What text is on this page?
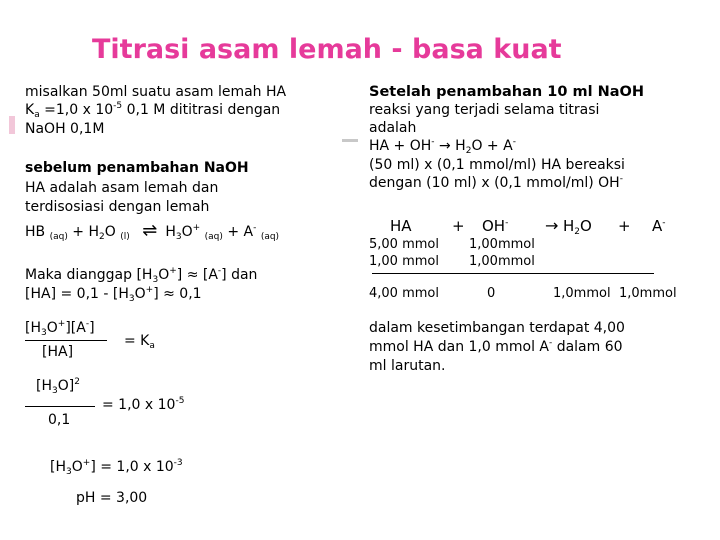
Titrasi asam lemah - basa kuat
misalkan 50ml suatu asam lemah HA
$K_a =1,0$ x $10^{-5}$ 0,1 M dititrasi dengan
NaOH 0,1M
sebelum penambahan NaOH
HA adalah asam lemah dan
terdisosiasi dengan lemah
HB $_{(aq)} + H_2O$ $_{(l)}$ ⇌ $H_3O^+$ $_{(aq)}$ + A- $_{(aq)}$
Maka dianggap $[H_3O^+] \approx [A^-]$ dan
$[HA] = 0,1 - [H_3O^+] \approx 0,1$
$[H_3O^+][A^-]$
[HA]
= $K_a$
$[H_3O]^2$
0,1
= 1,0 x $10^{-5}$
$[H_3O^+] = 1,0$ x $10^{-3}$
pH = 3,00
Setelah penambahan 10 ml NaOH
reaksi yang terjadi selama titrasi
adalah
HA + $OH^- \to H_2O + A^-$
(50 ml) x (0,1 mmol/ml) HA bereaksi
dengan (10 ml) x (0,1 mmol/ml) OH-
HA	+ $OH^- \to H_2O + A^-$
5,00 mmol 1,00mmol
1,00 mmol 1,00mmol
4,00 mmol	0	1,0mmol 1,0mmol
dalam kesetimbangan terdapat 4,00
mmol HA dan 1,0 mmol A- dalam 60
ml larutan.
